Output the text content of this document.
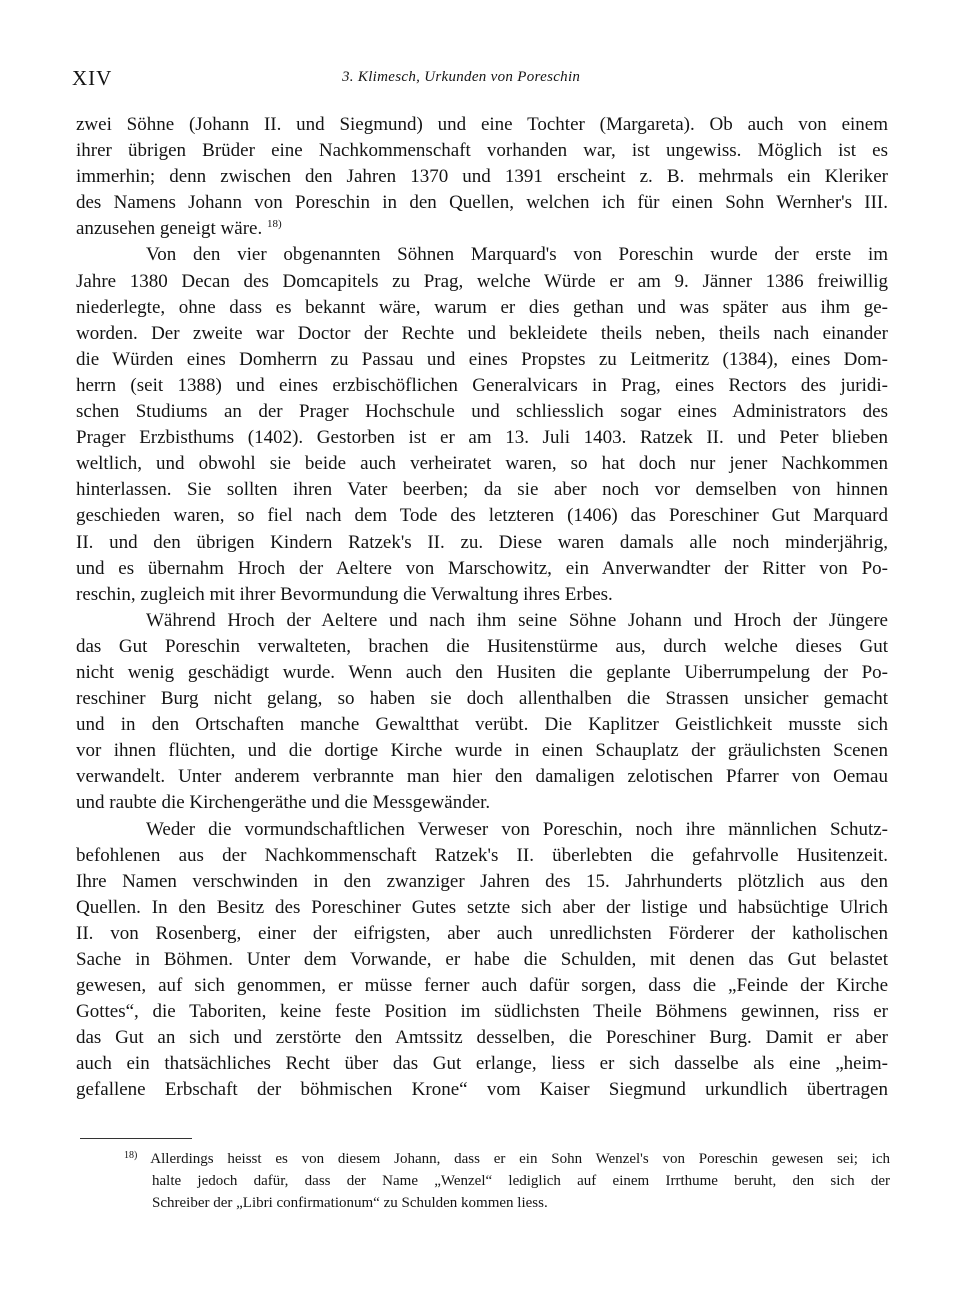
XIV	3. Klimesch, Urkunden von Poreschin
zwei Söhne (Johann II. und Siegmund) und eine Tochter (Margareta). Ob auch von einem
ihrer übrigen Brüder eine Nachkommenschaft vorhanden war, ist ungewiss. Möglich ist es
immerhin; denn zwischen den Jahren 1370 und 1391 erscheint z. B. mehrmals ein Kleriker
des Namens Johann von Poreschin in den Quellen, welchen ich für einen Sohn Wernher's III.
anzusehen geneigt wäre. $^{18)}$
Von den vier obgenannten Söhnen Marquard's von Poreschin wurde der erste im
Jahre 1380 Decan des Domcapitels zu Prag, welche Würde er am 9. Jänner 1386 freiwillig
niederlegte, ohne dass es bekannt wäre, warum er dies gethan und was später aus ihm ge-
worden. Der zweite war Doctor der Rechte und bekleidete theils neben, theils nach einander
die Würden eines Domherrn zu Passau und eines Propstes zu Leitmeritz (1384), eines Dom-
herrn (seit 1388) und eines erzbischöflichen Generalvicars in Prag, eines Rectors des juridi-
schen Studiums an der Prager Hochschule und schliesslich sogar eines Administrators des
Prager Erzbisthums (1402). Gestorben ist er am 13. Juli 1403. Ratzek II. und Peter blieben
weltlich, und obwohl sie beide auch verheiratet waren, so hat doch nur jener Nachkommen
hinterlassen. Sie sollten ihren Vater beerben; da sie aber noch vor demselben von hinnen
geschieden waren, so fiel nach dem Tode des letzteren (1406) das Poreschiner Gut Marquard
II. und den übrigen Kindern Ratzek's II. zu. Diese waren damals alle noch minderjährig,
und es übernahm Hroch der Aeltere von Marschowitz, ein Anverwandter der Ritter von Po-
reschin, zugleich mit ihrer Bevormundung die Verwaltung ihres Erbes.
Während Hroch der Aeltere und nach ihm seine Söhne Johann und Hroch der Jüngere
das Gut Poreschin verwalteten, brachen die Husitenstürme aus, durch welche dieses Gut
nicht wenig geschädigt wurde. Wenn auch den Husiten die geplante Uiberrumpelung der Po-
reschiner Burg nicht gelang, so haben sie doch allenthalben die Strassen unsicher gemacht
und in den Ortschaften manche Gewaltthat verübt. Die Kaplitzer Geistlichkeit musste sich
vor ihnen flüchten, und die dortige Kirche wurde in einen Schauplatz der gräulichsten Scenen
verwandelt. Unter anderem verbrannte man hier den damaligen zelotischen Pfarrer von Oemau
und raubte die Kirchengeräthe und die Messgewänder.
Weder die vormundschaftlichen Verweser von Poreschin, noch ihre männlichen Schutz-
befohlenen aus der Nachkommenschaft Ratzek's II. überlebten die gefahrvolle Husitenzeit.
Ihre Namen verschwinden in den zwanziger Jahren des 15. Jahrhunderts plötzlich aus den
Quellen. In den Besitz des Poreschiner Gutes setzte sich aber der listige und habsüchtige Ulrich
II. von Rosenberg, einer der eifrigsten, aber auch unredlichsten Förderer der katholischen
Sache in Böhmen. Unter dem Vorwande, er habe die Schulden, mit denen das Gut belastet
gewesen, auf sich genommen, er müsse ferner auch dafür sorgen, dass die „Feinde der Kirche
Gottes“, die Taboriten, keine feste Position im südlichsten Theile Böhmens gewinnen, riss er
das Gut an sich und zerstörte den Amtssitz desselben, die Poreschiner Burg. Damit er aber
auch ein thatsächliches Recht über das Gut erlange, liess er sich dasselbe als eine „heim-
gefallene Erbschaft der böhmischen Krone“ vom Kaiser Siegmund urkundlich übertragen
$^{18)}$ Allerdings heisst es von diesem Johann, dass er ein Sohn Wenzel's von Poreschin gewesen sei; ich
halte jedoch dafür, dass der Name „Wenzel“ lediglich auf einem Irrthume beruht, den sich der
Schreiber der „Libri confirmationum“ zu Schulden kommen liess.
